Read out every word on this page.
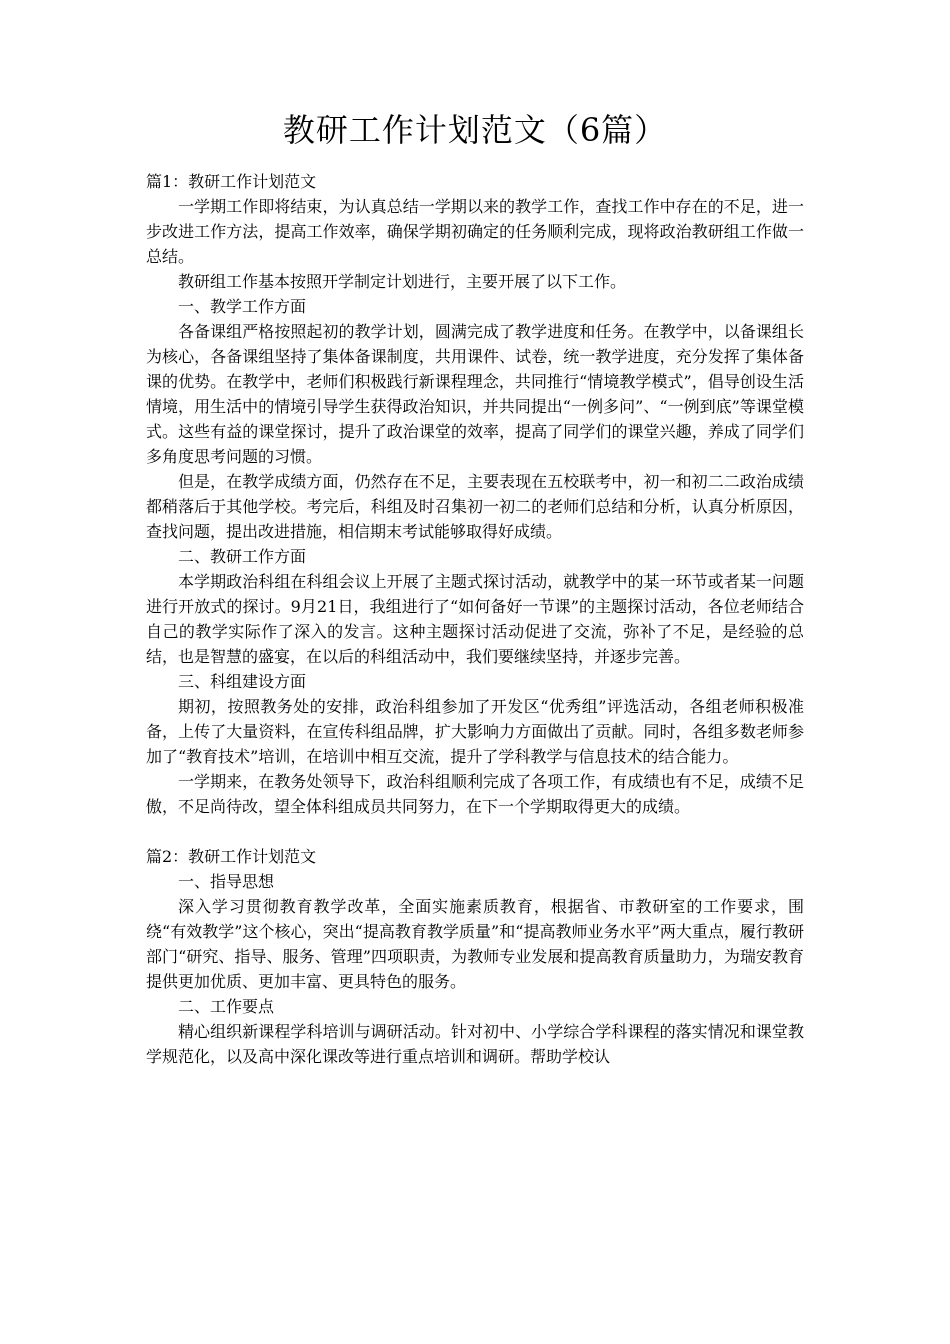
教研工作计划范文（6篇）

篇1：教研工作计划范文

一学期工作即将结束，为认真总结一学期以来的教学工作，查找工作中存在的不足，进一步改进工作方法，提高工作效率，确保学期初确定的任务顺利完成，现将政治教研组工作做一总结。

教研组工作基本按照开学制定计划进行，主要开展了以下工作。

一、教学工作方面

各备课组严格按照起初的教学计划，圆满完成了教学进度和任务。在教学中，以备课组长为核心，各备课组坚持了集体备课制度，共用课件、试卷，统一教学进度，充分发挥了集体备课的优势。在教学中，老师们积极践行新课程理念，共同推行“情境教学模式”，倡导创设生活情境，用生活中的情境引导学生获得政治知识，并共同提出“一例多问”、“一例到底”等课堂模式。这些有益的课堂探讨，提升了政治课堂的效率，提高了同学们的课堂兴趣，养成了同学们多角度思考问题的习惯。

但是，在教学成绩方面，仍然存在不足，主要表现在五校联考中，初一和初二二政治成绩都稍落后于其他学校。考完后，科组及时召集初一初二的老师们总结和分析，认真分析原因，查找问题，提出改进措施，相信期末考试能够取得好成绩。

二、教研工作方面

本学期政治科组在科组会议上开展了主题式探讨活动，就教学中的某一环节或者某一问题进行开放式的探讨。9月21日，我组进行了“如何备好一节课”的主题探讨活动，各位老师结合自己的教学实际作了深入的发言。这种主题探讨活动促进了交流，弥补了不足，是经验的总结，也是智慧的盛宴，在以后的科组活动中，我们要继续坚持，并逐步完善。

三、科组建设方面

期初，按照教务处的安排，政治科组参加了开发区“优秀组”评选活动，各组老师积极准备，上传了大量资料，在宣传科组品牌，扩大影响力方面做出了贡献。同时，各组多数老师参加了“教育技术”培训，在培训中相互交流，提升了学科教学与信息技术的结合能力。

一学期来，在教务处领导下，政治科组顺利完成了各项工作，有成绩也有不足，成绩不足傲，不足尚待改，望全体科组成员共同努力，在下一个学期取得更大的成绩。

篇2：教研工作计划范文

一、指导思想

深入学习贯彻教育教学改革，全面实施素质教育，根据省、市教研室的工作要求，围绕“有效教学”这个核心，突出“提高教育教学质量”和“提高教师业务水平”两大重点，履行教研部门“研究、指导、服务、管理”四项职责，为教师专业发展和提高教育质量助力，为瑞安教育提供更加优质、更加丰富、更具特色的服务。

二、工作要点

精心组织新课程学科培训与调研活动。针对初中、小学综合学科课程的落实情况和课堂教学规范化，以及高中深化课改等进行重点培训和调研。帮助学校认
